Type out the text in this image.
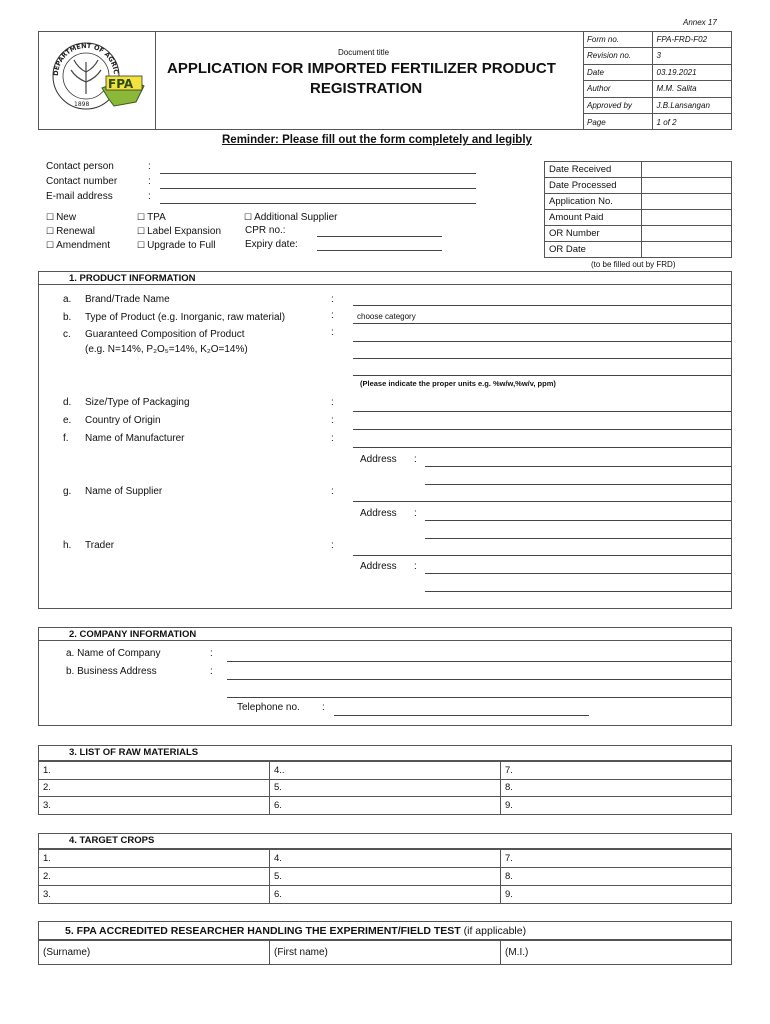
Annex 17
DEPARTMENT OF AGRIC
1898
FPA
Document title
APPLICATION FOR IMPORTED FERTILIZER PRODUCT
REGISTRATION
Form no.	FPA-FRD-F02
Revision no.	3
Date	03.19.2021
Author	M.M. Salita
Approved by	J.B.Lansangan
Page	1 of 2
Reminder: Please fill out the form completely and legibly
Contact person	:
Contact number	:
E-mail address	:
☐ New
☐ Renewal
☐ Amendment
☐ TPA
☐ Label Expansion
☐ Upgrade to Full
☐ Additional Supplier
CPR no.:
Expiry date:
Date Received	
Date Processed	
Application No.	
Amount Paid	
OR Number	
OR Date	
(to be filled out by FRD)
1. PRODUCT INFORMATION
a. Brand/Trade Name	:
b. Type of Product (e.g. Inorganic, raw material)	:	choose category
c. Guaranteed Composition of Product
(e.g. N=14%, P₂O₅=14%, K₂O=14%)
:
(Please indicate the proper units e.g. %w/w,%w/v, ppm)
d. Size/Type of Packaging	:
e. Country of Origin	:
f. Name of Manufacturer	:
Address :
g. Name of Supplier	:
Address :
h. Trader	:
Address :
2. COMPANY INFORMATION
a. Name of Company	:
b. Business Address	:
Telephone no. :
3. LIST OF RAW MATERIALS
1.	4..	7.
2.	5.	8.
3.	6.	9.
4. TARGET CROPS
1.	4.	7.
2.	5.	8.
3.	6.	9.
5. FPA ACCREDITED RESEARCHER HANDLING THE EXPERIMENT/FIELD TEST (if applicable)
(Surname)	(First name)	(M.I.)
